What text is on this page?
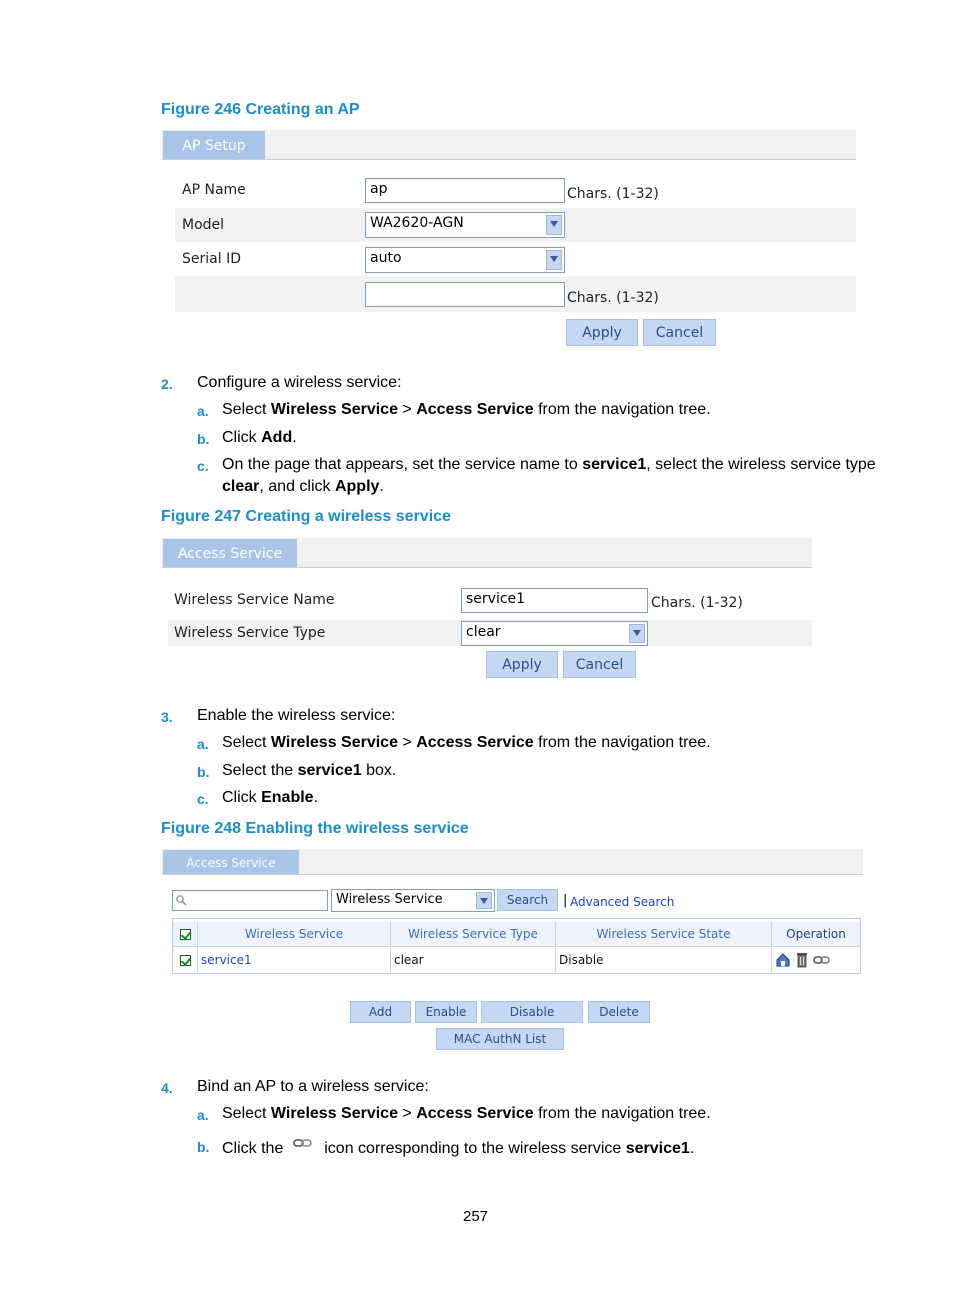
Figure 246 Creating an AP
AP Setup
AP Name	ap	Chars. (1-32)
Model	WA2620-AGN
Serial ID	auto
Chars. (1-32)
Apply	Cancel
2. Configure a wireless service:
a. Select Wireless Service > Access Service from the navigation tree.
b. Click Add.
c. On the page that appears, set the service name to service1, select the wireless service type
clear, and click Apply.
Figure 247 Creating a wireless service
Access Service
Wireless Service Name	service1	Chars. (1-32)
Wireless Service Type	clear
Apply	Cancel
3. Enable the wireless service:
a. Select Wireless Service > Access Service from the navigation tree.
b. Select the service1 box.
c. Click Enable.
Figure 248 Enabling the wireless service
Access Service
Wireless Service	Search	| Advanced Search
Wireless Service	Wireless Service Type	Wireless Service State	Operation
service1	clear	Disable
Add	Enable	Disable	Delete
MAC AuthN List
4. Bind an AP to a wireless service:
a. Select Wireless Service > Access Service from the navigation tree.
b. Click the  icon corresponding to the wireless service service1.
257
